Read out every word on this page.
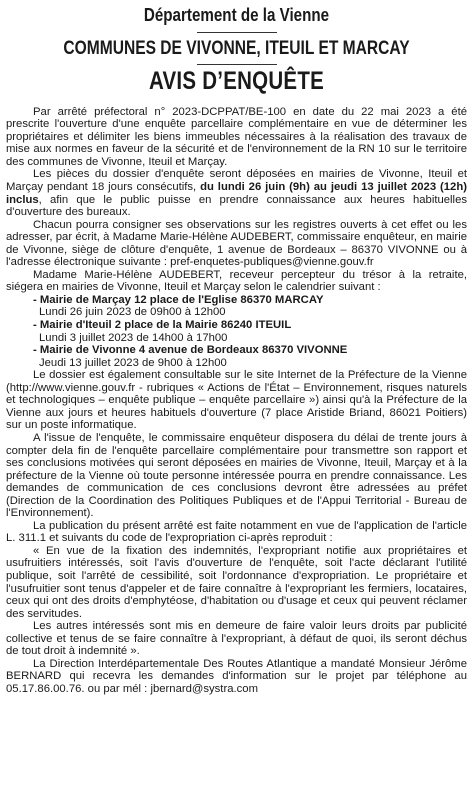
Département de la Vienne
COMMUNES DE VIVONNE, ITEUIL ET MARCAY
AVIS D’ENQUÊTE

Par arrêté préfectoral n° 2023-DCPPAT/BE-100 en date du 22 mai 2023 a été prescrite l'ouverture d'une enquête parcellaire complémentaire en vue de déterminer les propriétaires et délimiter les biens immeubles nécessaires à la réalisation des travaux de mise aux normes en faveur de la sécurité et de l'environnement de la RN 10 sur le territoire des communes de Vivonne, Iteuil et Marçay.

Les pièces du dossier d'enquête seront déposées en mairies de Vivonne, Iteuil et Marçay pendant 18 jours consécutifs, du lundi 26 juin (9h) au jeudi 13 juillet 2023 (12h) inclus, afin que le public puisse en prendre connaissance aux heures habituelles d'ouverture des bureaux.

Chacun pourra consigner ses observations sur les registres ouverts à cet effet ou les adresser, par écrit, à Madame Marie-Hélène AUDEBERT, commissaire enquêteur, en mairie de Vivonne, siège de clôture d'enquête, 1 avenue de Bordeaux – 86370 VIVONNE ou à l'adresse électronique suivante : pref-enquetes-publiques@vienne.gouv.fr

Madame Marie-Hélène AUDEBERT, receveur percepteur du trésor à la retraite, siégera en mairies de Vivonne, Iteuil et Marçay selon le calendrier suivant :

- Mairie de Marçay 12 place de l'Eglise 86370 MARCAY

Lundi 26 juin 2023 de 09h00 à 12h00

- Mairie d'Iteuil 2 place de la Mairie 86240 ITEUIL

Lundi 3 juillet 2023 de 14h00 à 17h00

- Mairie de Vivonne 4 avenue de Bordeaux 86370 VIVONNE

Jeudi 13 juillet 2023 de 9h00 à 12h00

Le dossier est également consultable sur le site Internet de la Préfecture de la Vienne (http://www.vienne.gouv.fr - rubriques « Actions de l'État – Environnement, risques naturels et technologiques – enquête publique – enquête parcellaire ») ainsi qu'à la Préfecture de la Vienne aux jours et heures habituels d'ouverture (7 place Aristide Briand, 86021 Poitiers) sur un poste informatique.

A l'issue de l'enquête, le commissaire enquêteur disposera du délai de trente jours à compter dela fin de l'enquête parcellaire complémentaire pour transmettre son rapport et ses conclusions motivées qui seront déposées en mairies de Vivonne, Iteuil, Marçay et à la préfecture de la Vienne où toute personne intéressée pourra en prendre connaissance. Les demandes de communication de ces conclusions devront être adressées au préfet (Direction de la Coordination des Politiques Publiques et de l'Appui Territorial - Bureau de l'Environnement).

La publication du présent arrêté est faite notamment en vue de l'application de l'article L. 311.1 et suivants du code de l'expropriation ci-après reproduit :

« En vue de la fixation des indemnités, l'expropriant notifie aux propriétaires et usufruitiers intéressés, soit l'avis d'ouverture de l'enquête, soit l'acte déclarant l'utilité publique, soit l'arrêté de cessibilité, soit l'ordonnance d'expropriation. Le propriétaire et l'usufruitier sont tenus d'appeler et de faire connaître à l'expropriant les fermiers, locataires, ceux qui ont des droits d'emphytéose, d'habitation ou d'usage et ceux qui peuvent réclamer des servitudes.

Les autres intéressés sont mis en demeure de faire valoir leurs droits par publicité collective et tenus de se faire connaître à l'expropriant, à défaut de quoi, ils seront déchus de tout droit à indemnité ».

La Direction Interdépartementale Des Routes Atlantique a mandaté Monsieur Jérôme BERNARD qui recevra les demandes d'information sur le projet par téléphone au 05.17.86.00.76. ou par mél : jbernard@systra.com
